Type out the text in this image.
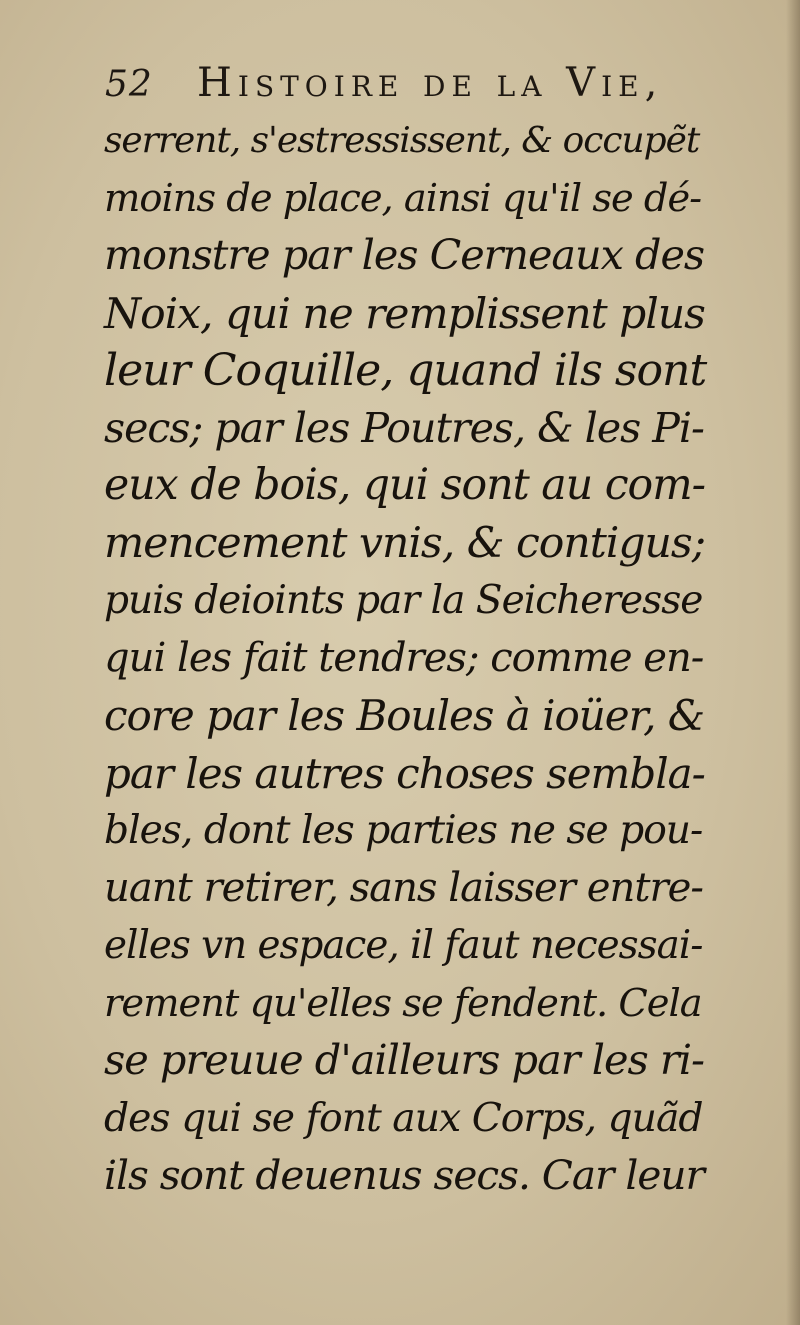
52 Histoire de la Vie,
serrent, s'estressissent, & occupẽt
moins de place, ainsi qu'il se dé-
monstre par les Cerneaux des
Noix, qui ne remplissent plus
leur Coquille, quand ils sont
secs; par les Poutres, & les Pi-
eux de bois, qui sont au com-
mencement vnis, & contigus;
puis deioints par la Seicheresse
qui les fait tendres; comme en-
core par les Boules à ioüer, &
par les autres choses sembla-
bles, dont les parties ne se pou-
uant retirer, sans laisser entre-
elles vn espace, il faut necessai-
rement qu'elles se fendent. Cela
se preuue d'ailleurs par les ri-
des qui se font aux Corps, quãd
ils sont deuenus secs. Car leur
